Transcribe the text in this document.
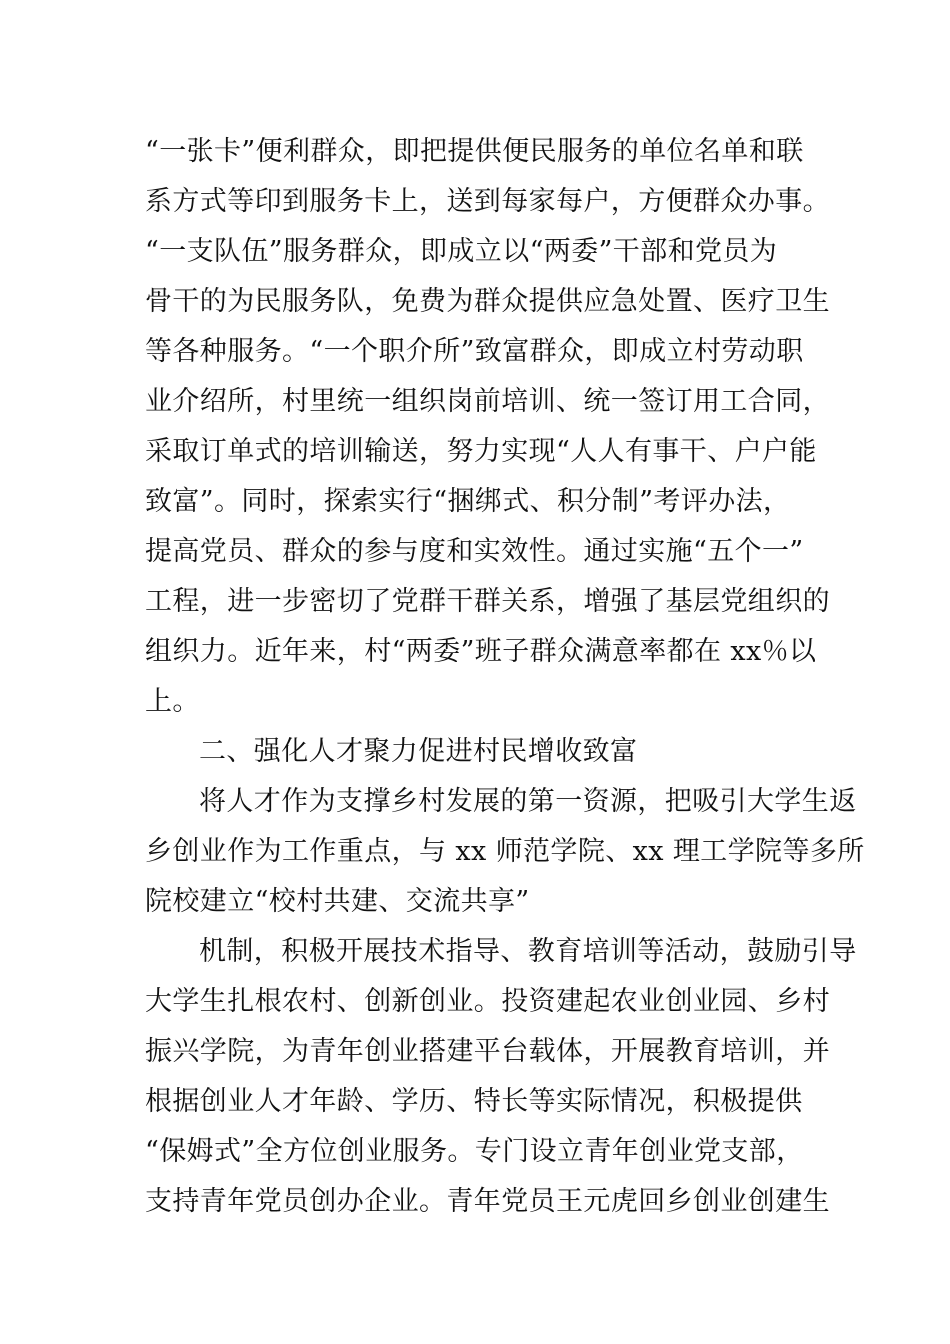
“一张卡”便利群众，即把提供便民服务的单位名单和联
系方式等印到服务卡上，送到每家每户，方便群众办事。
“一支队伍”服务群众，即成立以“两委”干部和党员为
骨干的为民服务队，免费为群众提供应急处置、医疗卫生
等各种服务。“一个职介所”致富群众，即成立村劳动职
业介绍所，村里统一组织岗前培训、统一签订用工合同，
采取订单式的培训输送，努力实现“人人有事干、户户能
致富”。同时，探索实行“捆绑式、积分制”考评办法，
提高党员、群众的参与度和实效性。通过实施“五个一”
工程，进一步密切了党群干群关系，增强了基层党组织的
组织力。近年来，村“两委”班子群众满意率都在 xx％以
上。
二、强化人才聚力促进村民增收致富
将人才作为支撑乡村发展的第一资源，把吸引大学生返
乡创业作为工作重点，与 xx 师范学院、xx 理工学院等多所
院校建立“校村共建、交流共享”
机制，积极开展技术指导、教育培训等活动，鼓励引导
大学生扎根农村、创新创业。投资建起农业创业园、乡村
振兴学院，为青年创业搭建平台载体，开展教育培训，并
根据创业人才年龄、学历、特长等实际情况，积极提供
“保姆式”全方位创业服务。专门设立青年创业党支部，
支持青年党员创办企业。青年党员王元虎回乡创业创建生
